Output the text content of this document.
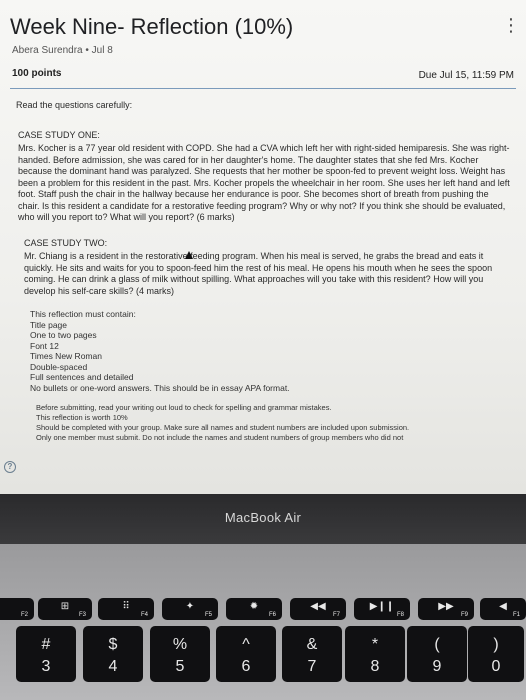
Week Nine- Reflection (10%)	⋮
Abera Surendra • Jul 8
100 points	Due Jul 15, 11:59 PM
Read the questions carefully:
CASE STUDY ONE:

Mrs. Kocher is a 77 year old resident with COPD. She had a CVA which left her with right-sided hemiparesis. She was right-handed. Before admission, she was cared for in her daughter's home. The daughter states that she fed Mrs. Kocher because the dominant hand was paralyzed. She requests that her mother be spoon-fed to prevent weight loss. Weight has been a problem for this resident in the past. Mrs. Kocher propels the wheelchair in her room. She uses her left hand and left foot. Staff push the chair in the hallway because her endurance is poor. She becomes short of breath from pushing the chair. Is this resident a candidate for a restorative feeding program? Why or why not? If you think she should be evaluated, who will you report to? What will you report? (6 marks)

CASE STUDY TWO:

Mr. Chiang is a resident in the restorative feeding program. When his meal is served, he grabs the bread and eats it quickly. He sits and waits for you to spoon-feed him the rest of his meal. He opens his mouth when he sees the spoon coming. He can drink a glass of milk without spilling. What approaches will you take with this resident? How will you develop his self-care skills? (4 marks)

This reflection must contain:
Title page
One to two pages
Font 12
Times New Roman
Double-spaced
Full sentences and detailed
No bullets or one-word answers. This should be in essay APA format.
Before submitting, read your writing out loud to check for spelling and grammar mistakes.
This reflection is worth 10%
Should be completed with your group. Make sure all names and student numbers are included upon submission.
Only one member must submit. Do not include the names and student numbers of group members who did not
?
MacBook Air
F2
⊞
F3
⠿
F4
✦
F5
✹
F6
◀◀
F7
▶❙❙
F8
▶▶
F9
◀
F1
#
3
$
4
%
5
^
6
&
7
*
8
(
9
)
0
